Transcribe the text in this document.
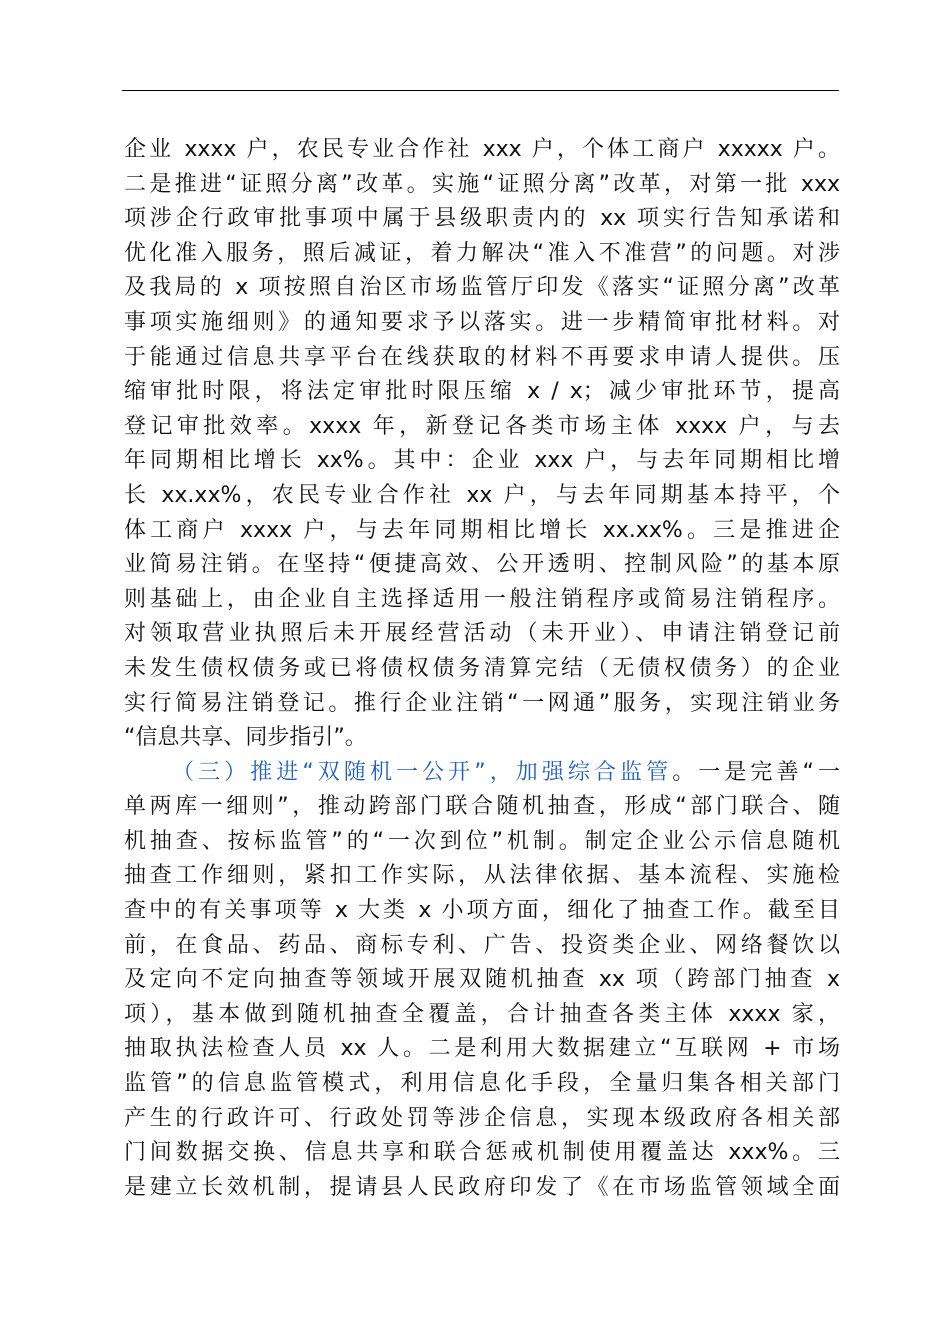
企业 xxxx 户，农民专业合作社 xxx 户，个体工商户 xxxxx 户。
二是推进“证照分离”改革。实施“证照分离”改革，对第一批 xxx
项涉企行政审批事项中属于县级职责内的 xx 项实行告知承诺和
优化准入服务，照后减证，着力解决“准入不准营”的问题。对涉
及我局的 x 项按照自治区市场监管厅印发《落实“证照分离”改革
事项实施细则》的通知要求予以落实。进一步精简审批材料。对
于能通过信息共享平台在线获取的材料不再要求申请人提供。压
缩审批时限，将法定审批时限压缩 x / x；减少审批环节，提高
登记审批效率。xxxx 年，新登记各类市场主体 xxxx 户，与去
年同期相比增长 xx%。其中：企业 xxx 户，与去年同期相比增
长 xx.xx%，农民专业合作社 xx 户，与去年同期基本持平，个
体工商户 xxxx 户，与去年同期相比增长 xx.xx%。三是推进企
业简易注销。在坚持“便捷高效、公开透明、控制风险”的基本原
则基础上，由企业自主选择适用一般注销程序或简易注销程序。
对领取营业执照后未开展经营活动（未开业）、申请注销登记前
未发生债权债务或已将债权债务清算完结（无债权债务）的企业
实行简易注销登记。推行企业注销“一网通”服务，实现注销业务
“信息共享、同步指引”。
（三）推进“双随机一公开”，加强综合监管。一是完善“一
单两库一细则”，推动跨部门联合随机抽查，形成“部门联合、随
机抽查、按标监管”的“一次到位”机制。制定企业公示信息随机
抽查工作细则，紧扣工作实际，从法律依据、基本流程、实施检
查中的有关事项等 x 大类 x 小项方面，细化了抽查工作。截至目
前，在食品、药品、商标专利、广告、投资类企业、网络餐饮以
及定向不定向抽查等领域开展双随机抽查 xx 项（跨部门抽查 x
项），基本做到随机抽查全覆盖，合计抽查各类主体 xxxx 家，
抽取执法检查人员 xx 人。二是利用大数据建立“互联网 + 市场
监管”的信息监管模式，利用信息化手段，全量归集各相关部门
产生的行政许可、行政处罚等涉企信息，实现本级政府各相关部
门间数据交换、信息共享和联合惩戒机制使用覆盖达 xxx%。三
是建立长效机制，提请县人民政府印发了《在市场监管领域全面
